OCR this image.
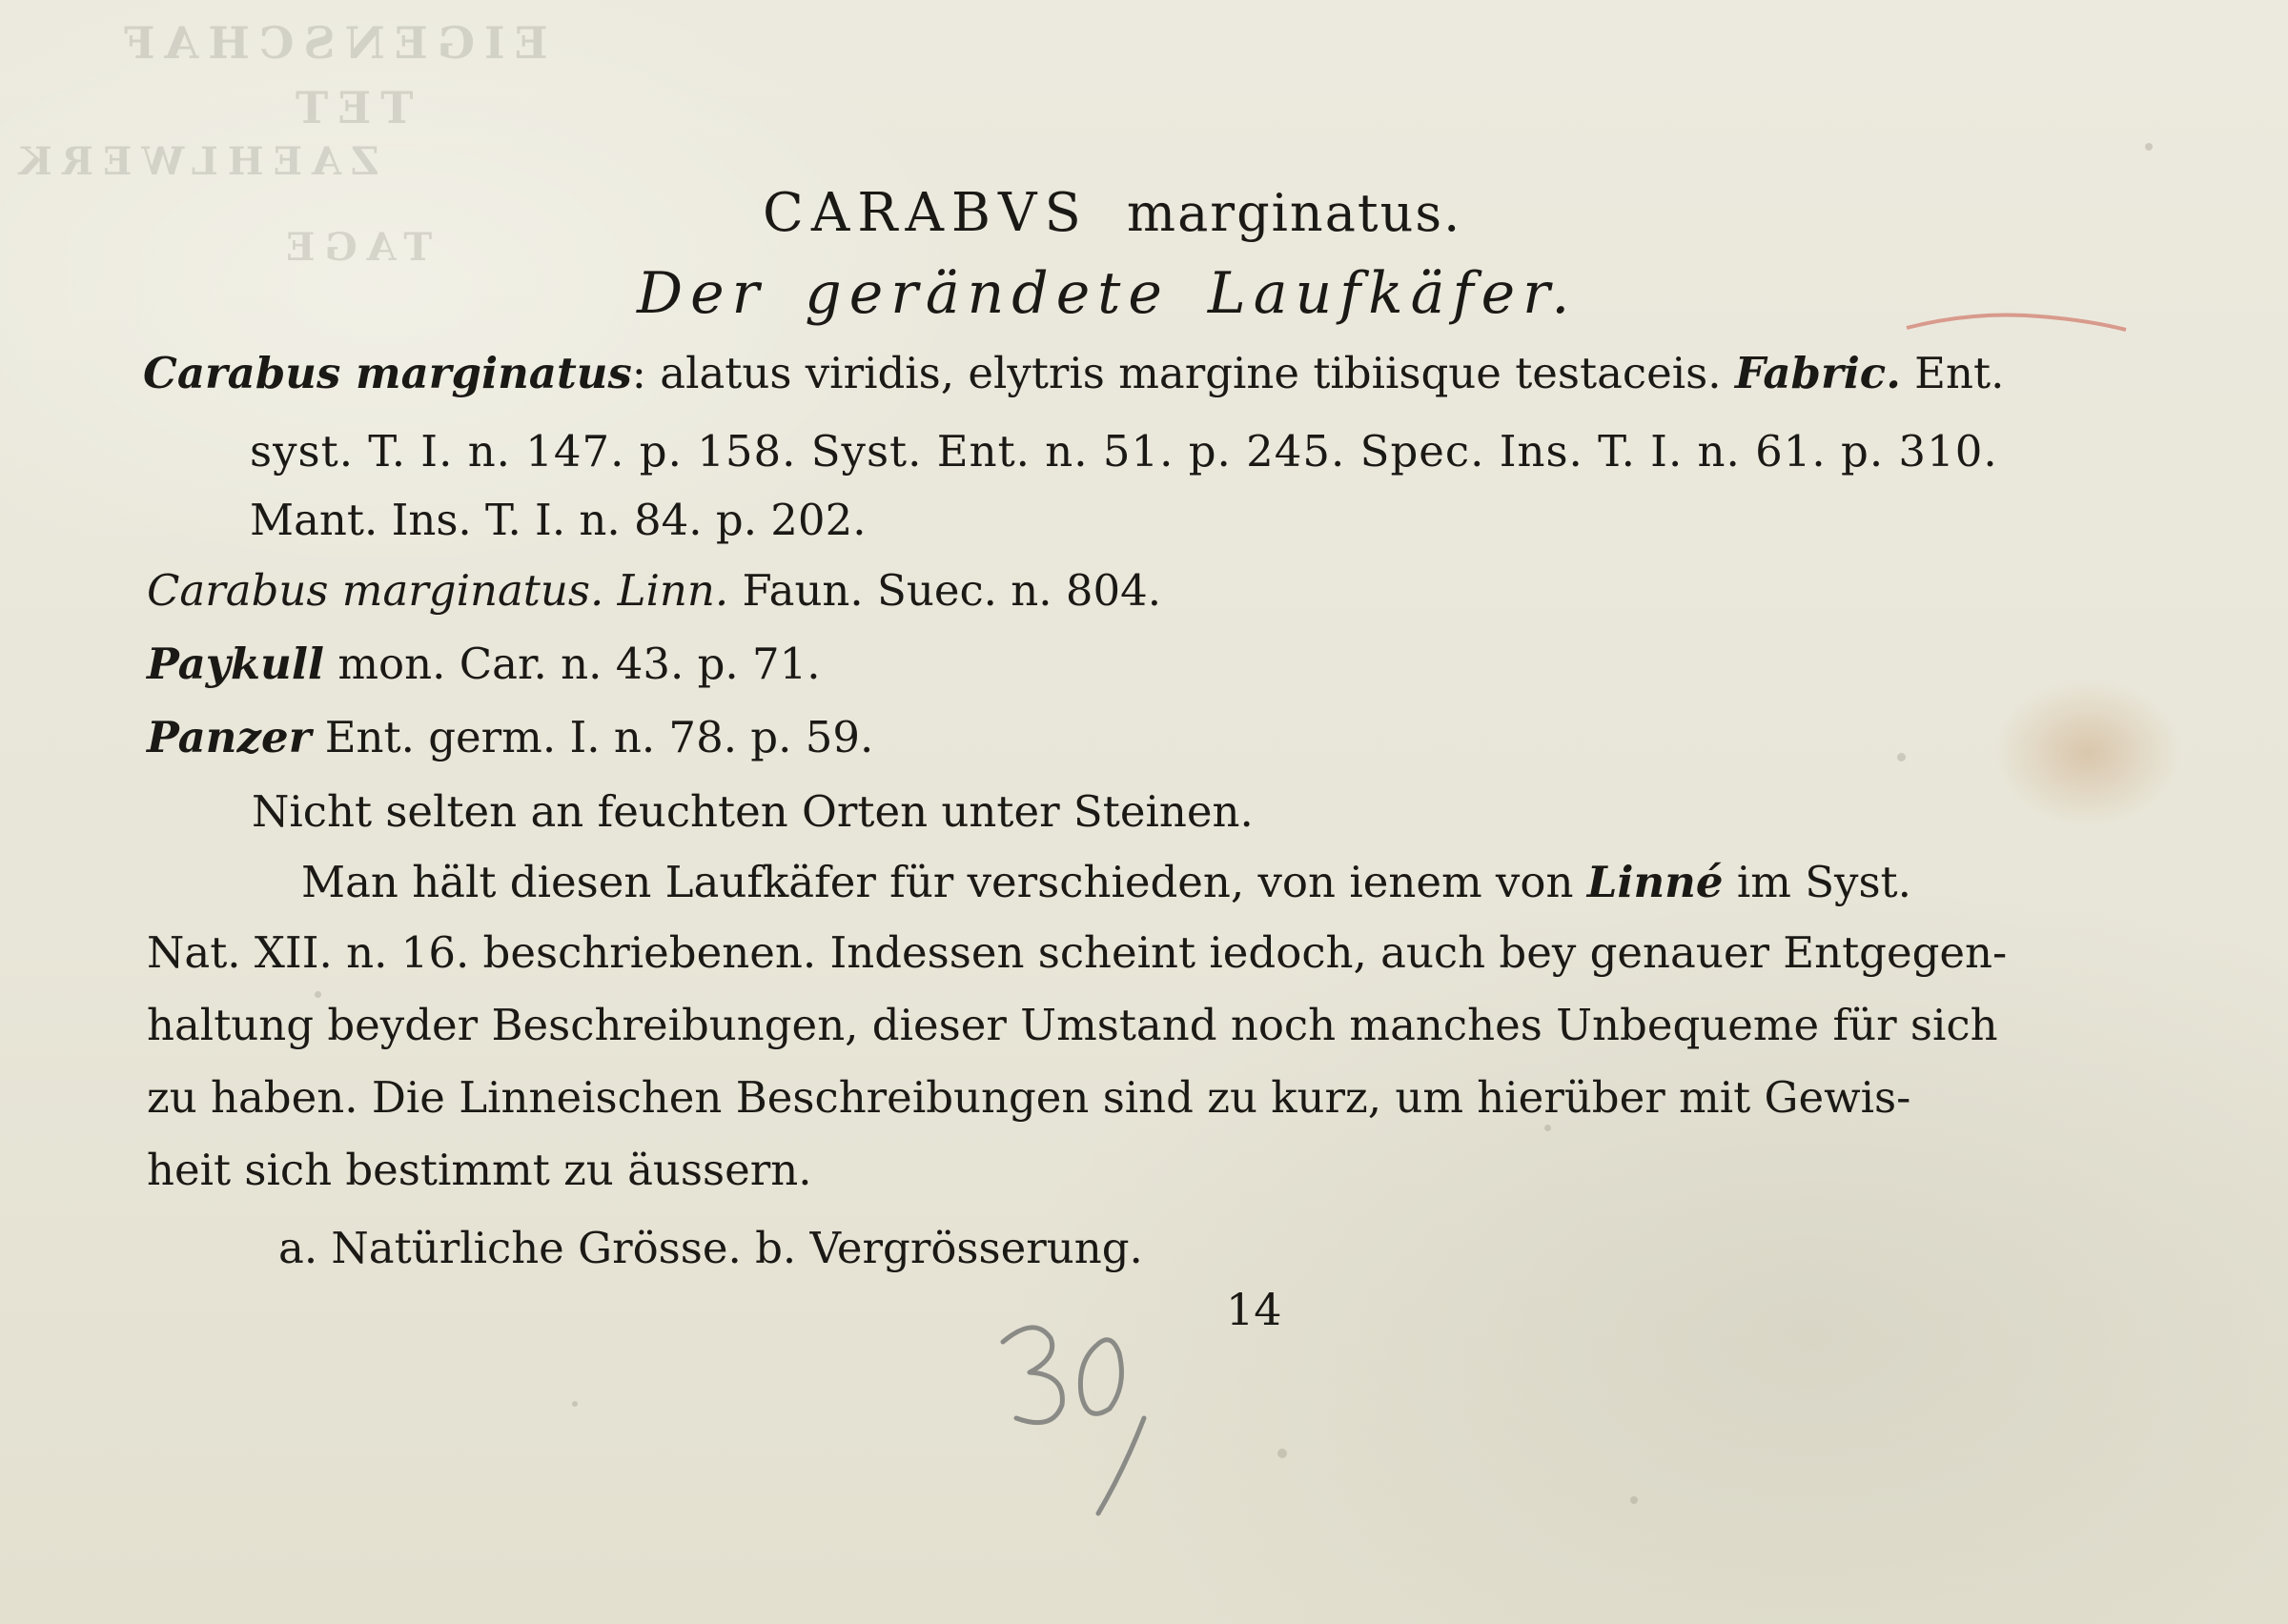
EIGENSCHAF
TET
ZAEHLWERK
TAGE
CARABVS marginatus.
Der gerändete Laufkäfer.
Carabus marginatus: alatus viridis, elytris margine tibiisque testaceis. Fabric. Ent.
syst. T. I. n. 147. p. 158. Syst. Ent. n. 51. p. 245. Spec. Ins. T. I. n. 61. p. 310.
Mant. Ins. T. I. n. 84. p. 202.
Carabus marginatus. Linn. Faun. Suec. n. 804.
Paykull mon. Car. n. 43. p. 71.
Panzer Ent. germ. I. n. 78. p. 59.
Nicht selten an feuchten Orten unter Steinen.
Man hält diesen Laufkäfer für verschieden, von ienem von Linné im Syst.
Nat. XII. n. 16. beschriebenen. Indessen scheint iedoch, auch bey genauer Entgegen-
haltung beyder Beschreibungen, dieser Umstand noch manches Unbequeme für sich
zu haben. Die Linneischen Beschreibungen sind zu kurz, um hierüber mit Gewis-
heit sich bestimmt zu äussern.
a. Natürliche Grösse. b. Vergrösserung.
14
